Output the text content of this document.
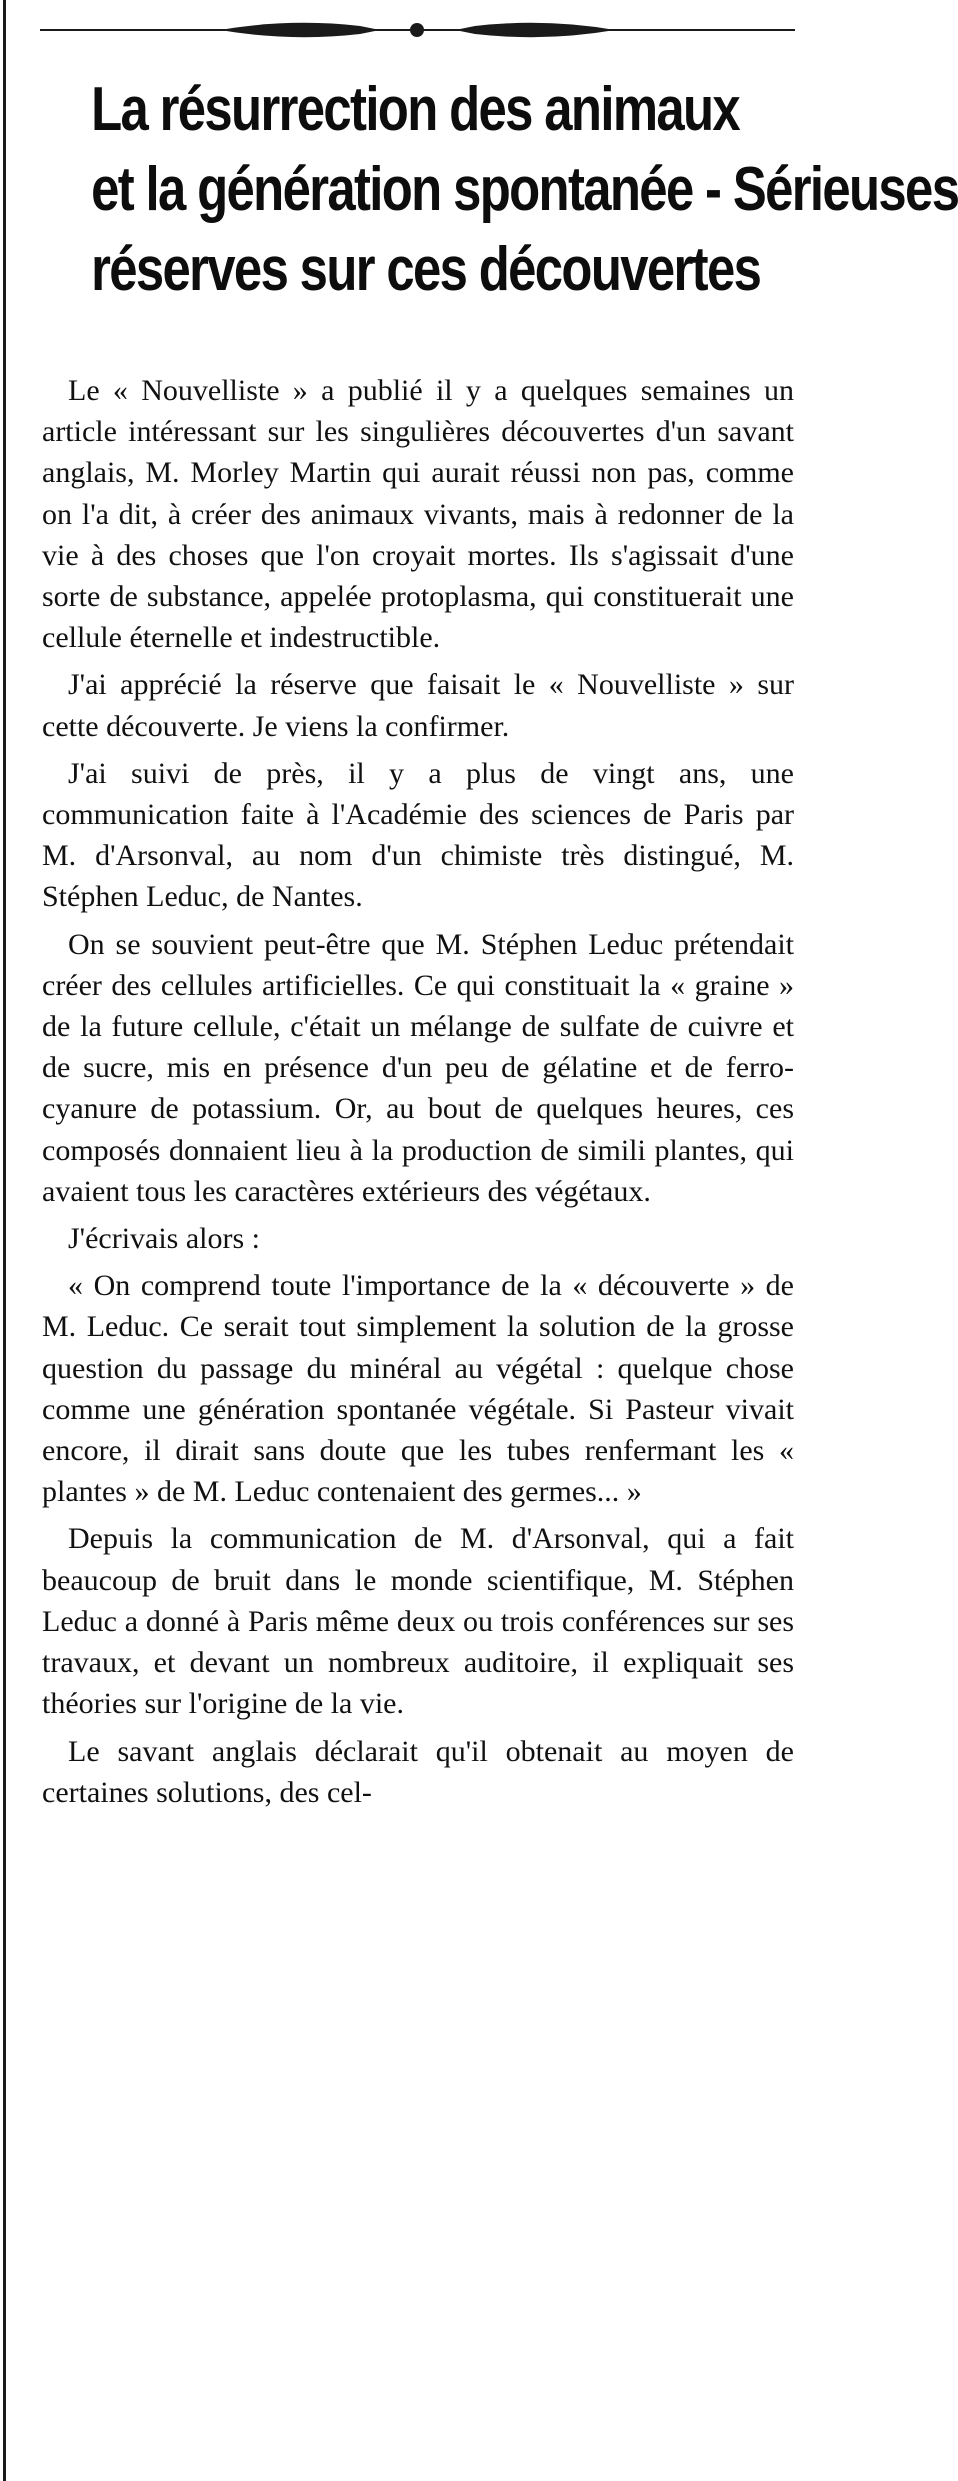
La résurrection des animaux
et la génération spontanée - Sérieuses
réserves sur ces découvertes

Le « Nouvelliste » a publié il y a quelques semaines un article intéressant sur les singulières découvertes d'un savant anglais, M. Morley Martin qui aurait réussi non pas, comme on l'a dit, à créer des animaux vivants, mais à redonner de la vie à des choses que l'on croyait mortes. Ils s'agissait d'une sorte de substance, appelée protoplasma, qui constituerait une cellule éternelle et indestructible.

J'ai apprécié la réserve que faisait le « Nouvelliste » sur cette découverte. Je viens la confirmer.

J'ai suivi de près, il y a plus de vingt ans, une communication faite à l'Académie des sciences de Paris par M. d'Arsonval, au nom d'un chimiste très distingué, M. Stéphen Leduc, de Nantes.

On se souvient peut-être que M. Stéphen Leduc prétendait créer des cellules artificielles. Ce qui constituait la « graine » de la future cellule, c'était un mélange de sulfate de cuivre et de sucre, mis en présence d'un peu de gélatine et de ferro-cyanure de potassium. Or, au bout de quelques heures, ces composés donnaient lieu à la production de simili plantes, qui avaient tous les caractères extérieurs des végétaux.

J'écrivais alors :

« On comprend toute l'importance de la « découverte » de M. Leduc. Ce serait tout simplement la solution de la grosse question du passage du minéral au végétal : quelque chose comme une génération spontanée végétale. Si Pasteur vivait encore, il dirait sans doute que les tubes renfermant les « plantes » de M. Leduc contenaient des germes... »

Depuis la communication de M. d'Arsonval, qui a fait beaucoup de bruit dans le monde scientifique, M. Stéphen Leduc a donné à Paris même deux ou trois conférences sur ses travaux, et devant un nombreux auditoire, il expliquait ses théories sur l'origine de la vie.

Le savant anglais déclarait qu'il obtenait au moyen de certaines solutions, des cel-
